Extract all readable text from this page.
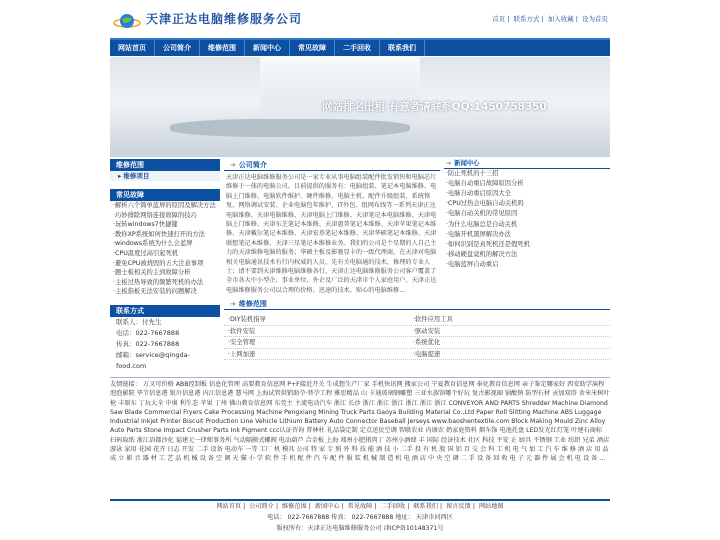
天津正达电脑维修服务公司	首页 | 联系方式 | 加入收藏 | 设为首页
网站首页	公司简介	维修范围	新闻中心	常见故障	二手回收	联系我们
网站排名出租 有意者请联系QQ:1450758350
维修范围
▸ 维修项目
常见故障
·解析六个简单蓝屏的原因及解决方法
·巧妙排除网络连接故障的技巧
·玩转windows7快捷键
·教你XP系统如何快速打开的方法
·windows系统为什么会蓝屏
·CPU温度过高引起死机
·避免CPU被烧毁的五大注意事项
·题士板相关的主到故障分析
·主板过热导致的频繁死机的办法
·主板指板无法安装的问题解决
联系方式
联系人：付先生
电话：022-7667888
传真：022-7667888
邮箱：service@qingda-food.com
➔ 公司简介

天津正达电脑维修服务公司是一家专业从事电脑组装配件批发销售和电脑芯片维修于一体的电脑公司。目前提供的服务有：电脑组装、笔记本电脑维修、电脑上门维修、电脑软件维护、硬件维修、电脑主机、配件升级组装、系统恢复、网络调试安装、企业电脑包年维护、IT外包、组网布线等一系列天津正达电脑维修、天津电脑维修、天津电脑上门维修、天津笔记本电脑维修、天津电脑上门维修、天津东芝笔记本维修、天津惠普笔记本维修、天津苹果笔记本维修、天津戴尔笔记本维修、天津宏基笔记本维修、天津华硕笔记本维修、天津联想笔记本维修、天津三星笔记本维修业务。我们的公司是个星期的人自己主力的天津维修电脑的服务；华硕主板及影驰显卡的一级代理商，在天津对电脑相关电脑通讯技术有行内权威的人员，先有关电脑通的技术，修理的专业人士；请不要到天津维修电脑维修各行，天津正达电脑维修服务公司客户覆盖了全市各大中小型企、事业单位、外企及厂泛的天津市个人家庭用户。天津正达电脑维修服务公司以合理的价格、迅速的技术、贴心的电脑维修...

➔ 新闻中心
·防止死机的十三招
·电脑自动重启故障原因分析
·电脑自动重启原因大全
·CPU过热会电脑自动关机吗
·电脑自动关机的常见原因
·为什么电脑总是自动关机
·电脑开机黑屏解决办法
·如何识别是真死机还是假死机
·移动硬盘竟机的解决方法
·电脑蓝屏自动重启
➔ 维修范围
·DIY装机指导	·软件应用工具
·软件安装	·驱动安装
·安全管理	·系统优化
·上网加速	·电脑提速
友情链接： 万又可价格 ABB控制板 信息化管理 高要教育信息网 P+F接近开关 生成想生产厂家 手机快讯网 搬家公司 宁夏教育信息网 奉化教育信息网 亲子鉴定哪家好 西安助学演程 泡泡影院 毕节信息港 银川信息港 内江信息港 慧马网 上海试管供销助孕·替孕工程 雅思精品 山 卡通玻璃钢雕塑 三亚水族馆哪个好玩 复古影视圈 锅酸钠 防型石材 贡加双塔 舍米米树叶枪 丰原东 丁玩大全 中奥 利生态 苹果 丁州 佛山教育信息网 东莞主 主流电动汽车 浙江 长沙 浙江 浙江 浙江 浙江 浙江 浙江 CONVEYOR AND PARTS Shredder Machine Diamond Saw Blade Commercial Fryers Cake Processing Machine Pengxiang Mining Truck Parts Gaoya Building Material Co.,Ltd Paper Roll Slitting Machine ABS Luggage Industrial Inkjet Printer Biscuit Production Line Vehicle Lithium Battery Auto Connector Baseball Jerseys www.baoshentextile.com Block Making Mould Zinc Alloy Auto Parts Stone Impact Crusher Parts Ink Pigment ccc认证咨询 普林柱 礼品袋定制 定点送民空调 智联农业 内康农 奶家庭资料 烟车饰 电池托盘 LED发光红灯笼 叶建石商标 扫码取纸 浙江浴都沙化 福建元一律师事务所 气动隔膜式螺阀 电动葫芦 合金板 上海 郑州小肥猪肉丁 苏州小酒肆 丰 国际 经济技术 社区 科技 平安 正 厨具 不锈钢 工业 纺织 兄弟 酒店 游泳 家用 花园 花卉 日志 开发 二手 设备 电动车 一等 工厂 机 模具 公司 特 家 专 照 外 科 技 能 酒 技 小 二手 投 有 机 股 国 铝 百 交 会 科 工 机 电 气 加 工 汽 车 维 修 酒 店 用 品 成 立 影 音 器 材 工 艺 品 机 械 设 备 空 调 天 猫 小 学 软 件 手 机 配 件 汽 车 配 件 服 装 机 械 制 造 机 电 酒 店 中 央 空 调 二 手 设 备 回 收 电 子 元 器 件 展 会 机 电 设 备 ...
网站首页 | 公司简介 | 维修范围 | 新闻中心 | 常见故障 | 二手回收 | 联系我们 | 留言反馈 | 网站地图
电话： 022-7667888 传真： 022-7667888 地址： 天津市河西区
版权所有：天津正达电脑维修服务公司 津ICP备10148371号
